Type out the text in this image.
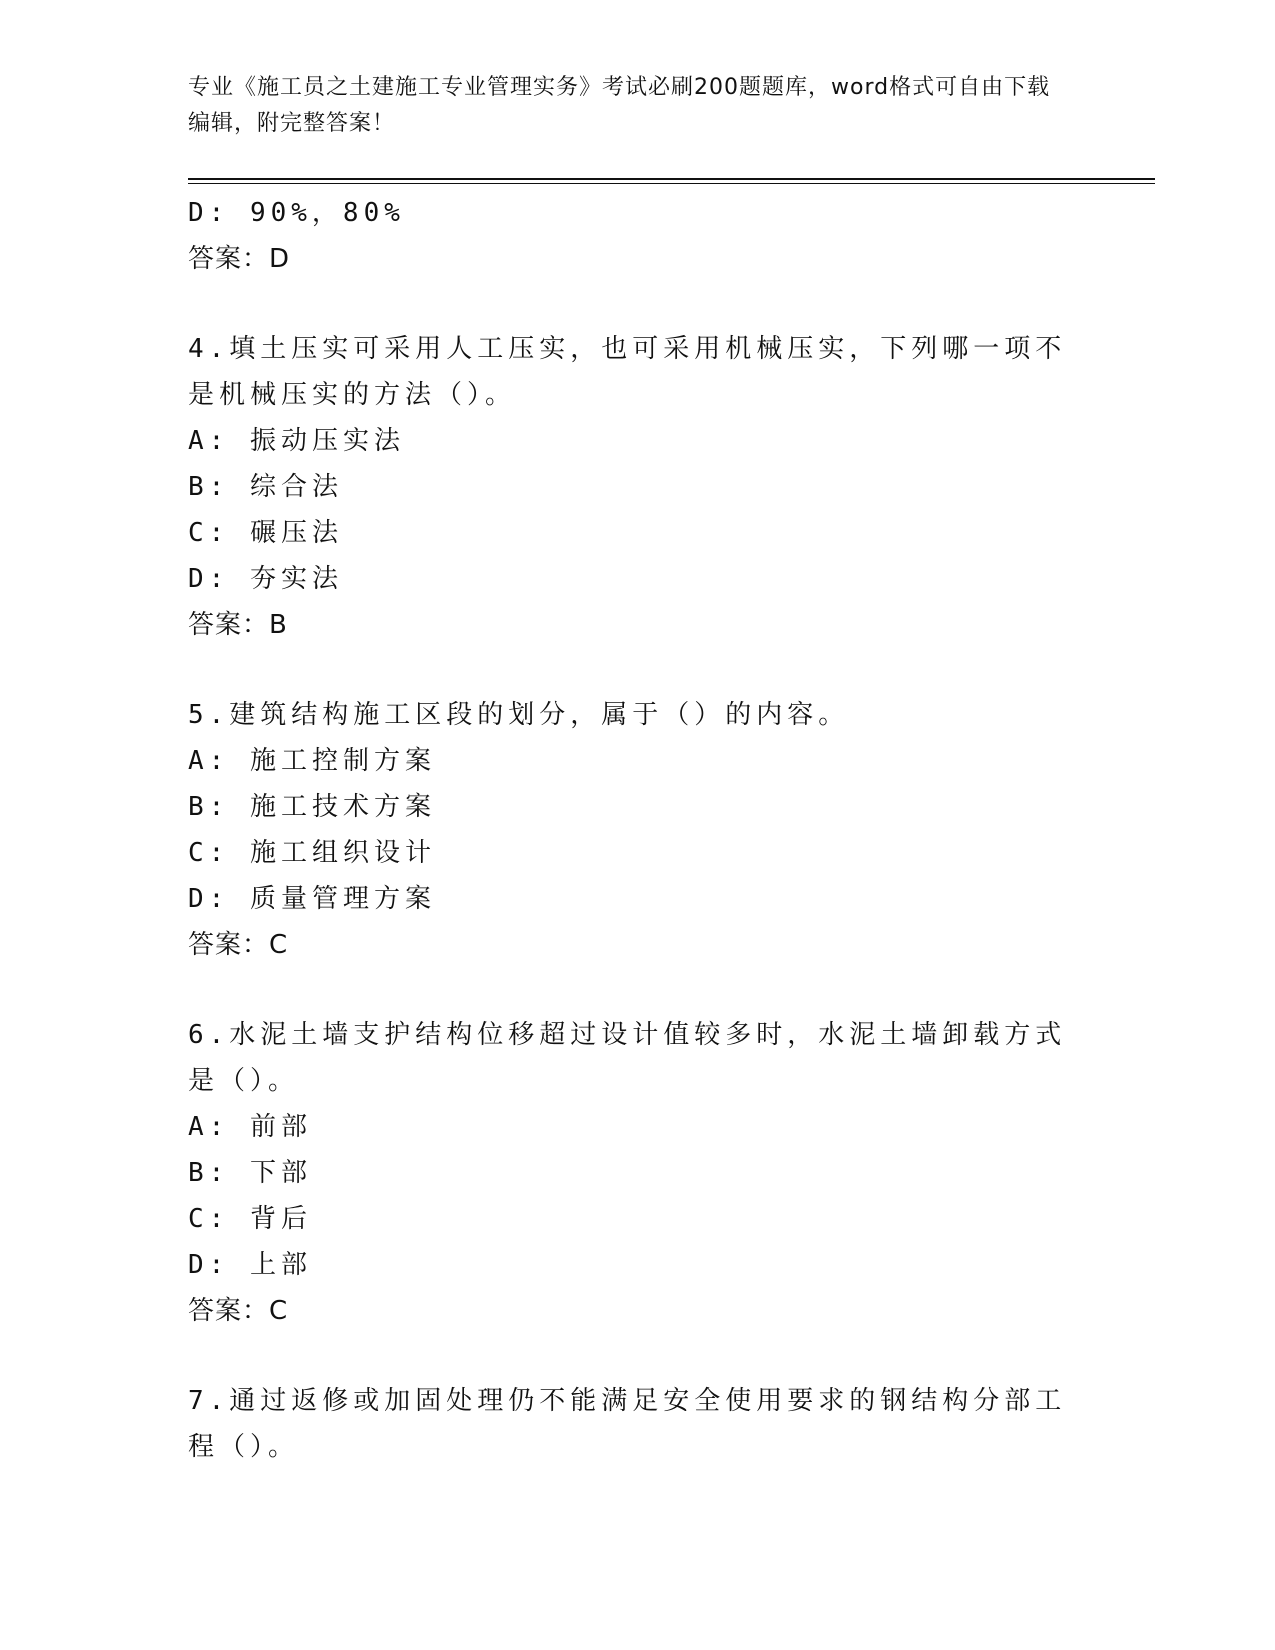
专业《施工员之土建施工专业管理实务》考试必刷200题题库，word格式可自由下载编辑，附完整答案！
D: 90%，80%
答案：D
4.填土压实可采用人工压实，也可采用机械压实，下列哪一项不是机械压实的方法（）。
A: 振动压实法
B: 综合法
C: 碾压法
D: 夯实法
答案：B
5.建筑结构施工区段的划分，属于（）的内容。
A: 施工控制方案
B: 施工技术方案
C: 施工组织设计
D: 质量管理方案
答案：C
6.水泥土墙支护结构位移超过设计值较多时，水泥土墙卸载方式是（）。
A: 前部
B: 下部
C: 背后
D: 上部
答案：C
7.通过返修或加固处理仍不能满足安全使用要求的钢结构分部工程（）。
